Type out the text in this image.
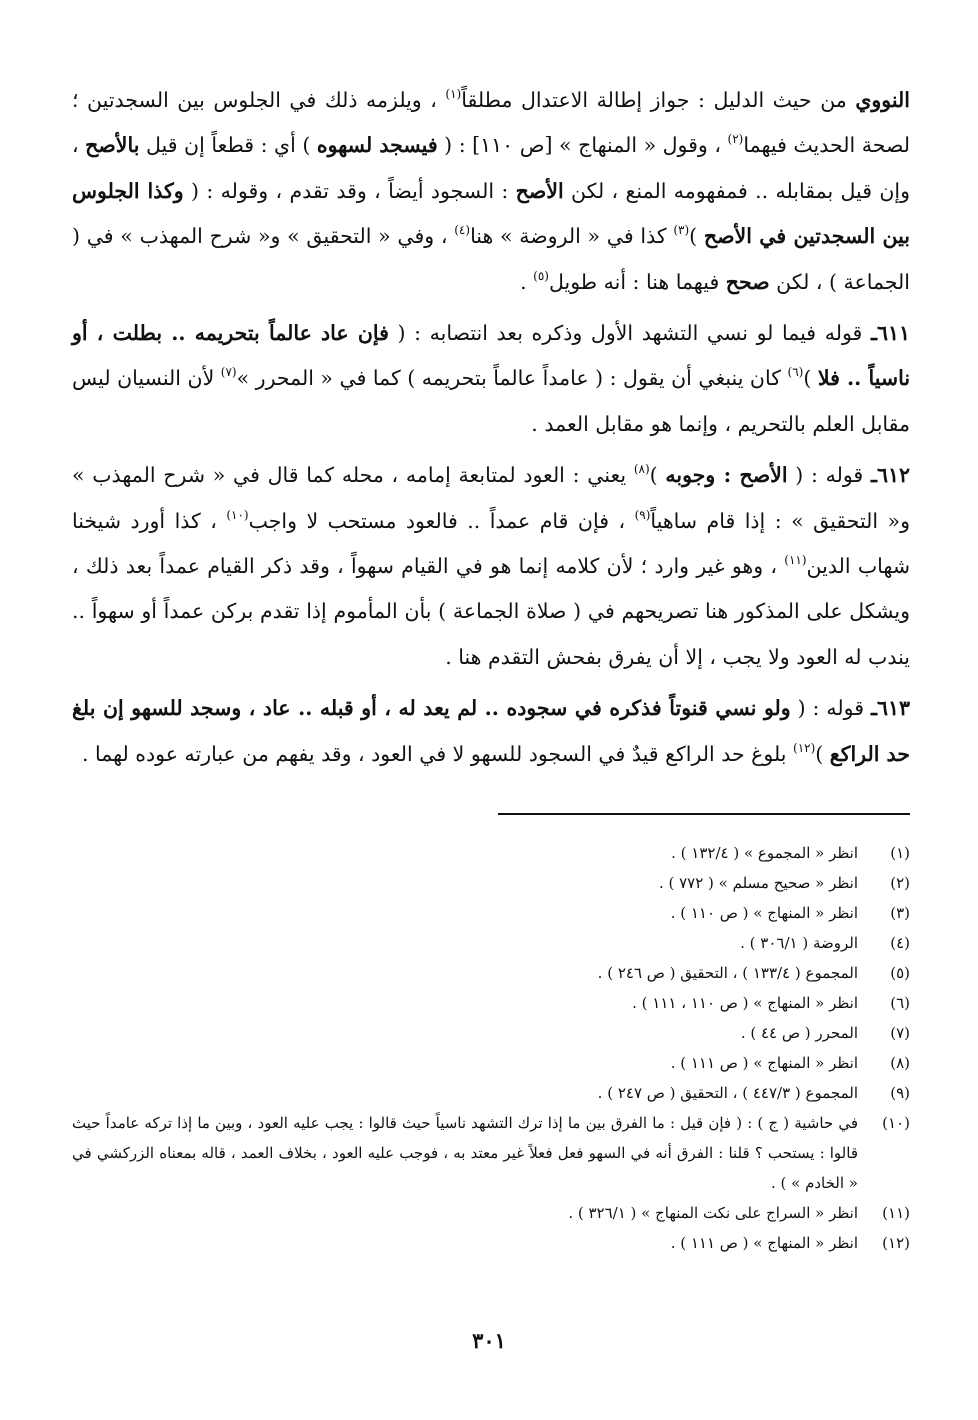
النووي من حيث الدليل : جواز إطالة الاعتدال مطلقاً$^{(١)}$ ، ويلزمه ذلك في الجلوس بين السجدتين ؛ لصحة الحديث فيهما$^{(٢)}$ ، وقول « المنهاج » [ص ١١٠] : ( فيسجد لسهوه ) أي : قطعاً إن قيل بالأصح ، وإن قيل بمقابله .. فمفهومه المنع ، لكن الأصح : السجود أيضاً ، وقد تقدم ، وقوله : ( وكذا الجلوس بين السجدتين في الأصح )$^{(٣)}$ كذا في « الروضة » هنا$^{(٤)}$ ، وفي « التحقيق » و« شرح المهذب » في ( الجماعة ) ، لكن صحح فيهما هنا : أنه طويل$^{(٥)}$ .

٦١١ـ قوله فيما لو نسي التشهد الأول وذكره بعد انتصابه : ( فإن عاد عالماً بتحريمه .. بطلت ، أو ناسياً .. فلا )$^{(٦)}$ كان ينبغي أن يقول : ( عامداً عالماً بتحريمه ) كما في « المحرر »$^{(٧)}$ لأن النسيان ليس مقابل العلم بالتحريم ، وإنما هو مقابل العمد .

٦١٢ـ قوله : ( الأصح : وجوبه )$^{(٨)}$ يعني : العود لمتابعة إمامه ، محله كما قال في « شرح المهذب » و« التحقيق » : إذا قام ساهياً$^{(٩)}$ ، فإن قام عمداً .. فالعود مستحب لا واجب$^{(١٠)}$ ، كذا أورد شيخنا شهاب الدين$^{(١١)}$ ، وهو غير وارد ؛ لأن كلامه إنما هو في القيام سهواً ، وقد ذكر القيام عمداً بعد ذلك ، ويشكل على المذكور هنا تصريحهم في ( صلاة الجماعة ) بأن المأموم إذا تقدم بركن عمداً أو سهواً .. يندب له العود ولا يجب ، إلا أن يفرق بفحش التقدم هنا .

٦١٣ـ قوله : ( ولو نسي قنوتاً فذكره في سجوده .. لم يعد له ، أو قبله .. عاد ، وسجد للسهو إن بلغ حد الراكع )$^{(١٢)}$ بلوغ حد الراكع قيدٌ في السجود للسهو لا في العود ، وقد يفهم من عبارته عوده لهما .

(١)
انظر « المجموع » ( ١٣٢/٤ ) .
(٢)
انظر « صحيح مسلم » ( ٧٧٢ ) .
(٣)
انظر « المنهاج » ( ص ١١٠ ) .
(٤)
الروضة ( ٣٠٦/١ ) .
(٥)
المجموع ( ١٣٣/٤ ) ، التحقيق ( ص ٢٤٦ ) .
(٦)
انظر « المنهاج » ( ص ١١٠ ، ١١١ ) .
(٧)
المحرر ( ص ٤٤ ) .
(٨)
انظر « المنهاج » ( ص ١١١ ) .
(٩)
المجموع ( ٤٤٧/٣ ) ، التحقيق ( ص ٢٤٧ ) .
(١٠)
في حاشية ( ج ) : ( فإن قيل : ما الفرق بين ما إذا ترك التشهد ناسياً حيث قالوا : يجب عليه العود ، وبين ما إذا تركه عامداً حيث قالوا : يستحب ؟ قلنا : الفرق أنه في السهو فعل فعلاً غير معتد به ، فوجب عليه العود ، بخلاف العمد ، قاله بمعناه الزركشي في « الخادم » ) .
(١١)
انظر « السراج على نكت المنهاج » ( ٣٢٦/١ ) .
(١٢)
انظر « المنهاج » ( ص ١١١ ) .
٣٠١
